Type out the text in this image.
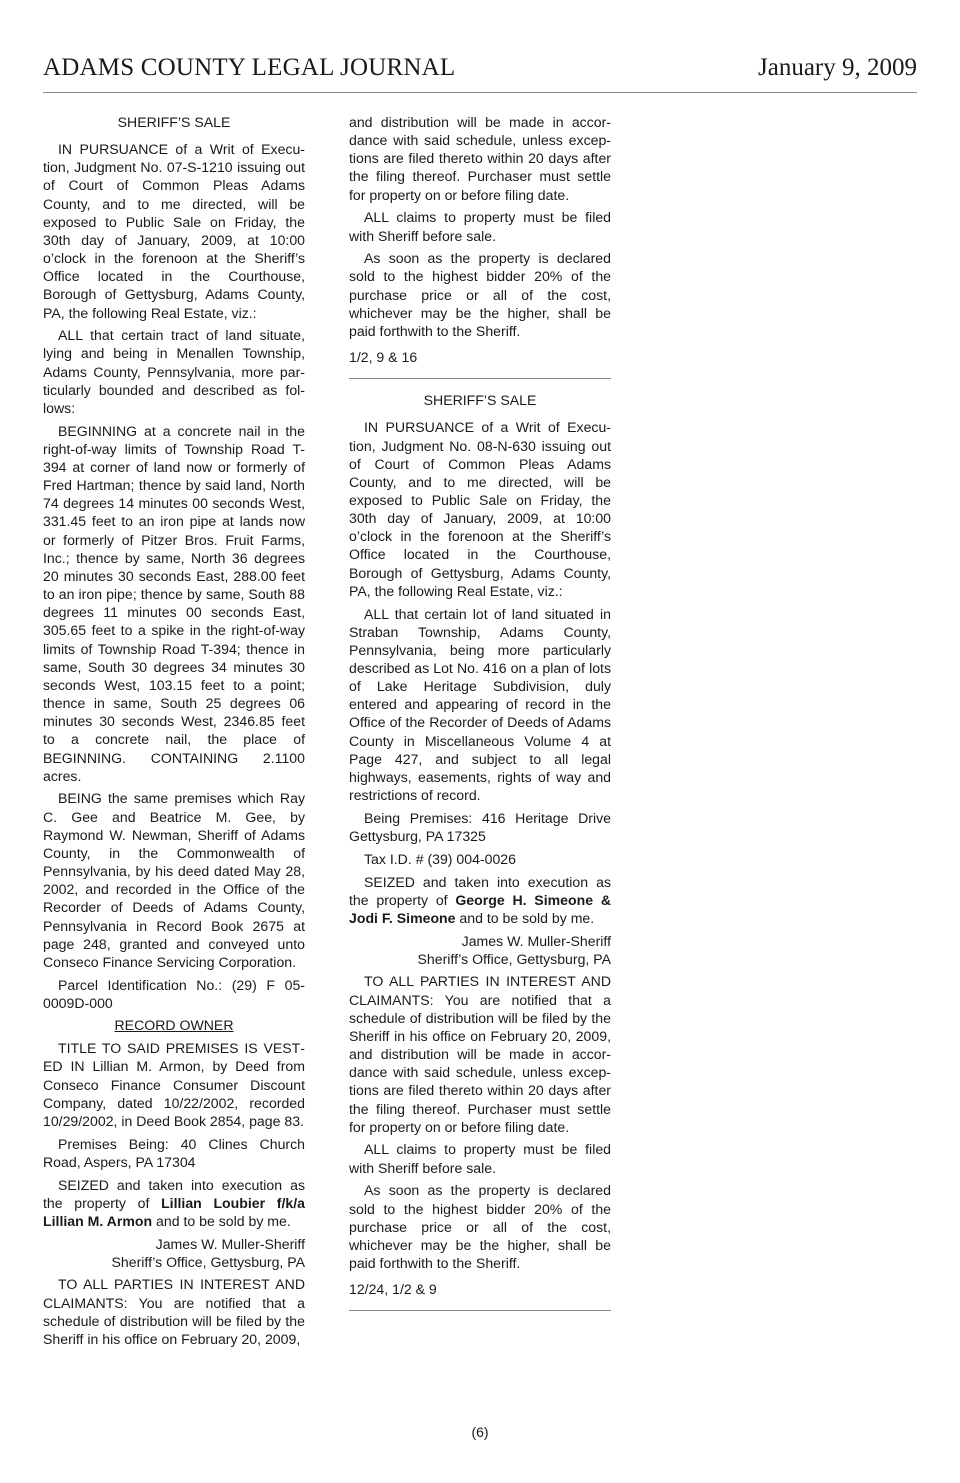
ADAMS COUNTY LEGAL JOURNAL	January 9, 2009
SHERIFF’S SALE

IN PURSUANCE of a Writ of Execution, Judgment No. 07-S-1210 issuing out of Court of Common Pleas Adams County, and to me directed, will be exposed to Public Sale on Friday, the 30th day of January, 2009, at 10:00 o’clock in the forenoon at the Sheriff’s Office located in the Courthouse, Borough of Gettysburg, Adams County, PA, the following Real Estate, viz.:

ALL that certain tract of land situate, lying and being in Menallen Township, Adams County, Pennsylvania, more particularly bounded and described as follows:

BEGINNING at a concrete nail in the right-of-way limits of Township Road T-394 at corner of land now or formerly of Fred Hartman; thence by said land, North 74 degrees 14 minutes 00 seconds West, 331.45 feet to an iron pipe at lands now or formerly of Pitzer Bros. Fruit Farms, Inc.; thence by same, North 36 degrees 20 minutes 30 seconds East, 288.00 feet to an iron pipe; thence by same, South 88 degrees 11 minutes 00 seconds East, 305.65 feet to a spike in the right-of-way limits of Township Road T-394; thence in same, South 30 degrees 34 minutes 30 seconds West, 103.15 feet to a point; thence in same, South 25 degrees 06 minutes 30 seconds West, 2346.85 feet to a concrete nail, the place of BEGINNING. CONTAINING 2.1100 acres.

BEING the same premises which Ray C. Gee and Beatrice M. Gee, by Raymond W. Newman, Sheriff of Adams County, in the Commonwealth of Pennsylvania, by his deed dated May 28, 2002, and recorded in the Office of the Recorder of Deeds of Adams County, Pennsylvania in Record Book 2675 at page 248, granted and conveyed unto Conseco Finance Servicing Corporation.

Parcel Identification No.: (29) F 05-0009D-000

RECORD OWNER

TITLE TO SAID PREMISES IS VESTED IN Lillian M. Armon, by Deed from Conseco Finance Consumer Discount Company, dated 10/22/2002, recorded 10/29/2002, in Deed Book 2854, page 83.

Premises Being: 40 Clines Church Road, Aspers, PA 17304

SEIZED and taken into execution as the property of Lillian Loubier f/k/a Lillian M. Armon and to be sold by me.

James W. Muller-Sheriff

Sheriff’s Office, Gettysburg, PA

TO ALL PARTIES IN INTEREST AND CLAIMANTS: You are notified that a schedule of distribution will be filed by the Sheriff in his office on February 20, 2009,

and distribution will be made in accordance with said schedule, unless exceptions are filed thereto within 20 days after the filing thereof. Purchaser must settle for property on or before filing date.

ALL claims to property must be filed with Sheriff before sale.

As soon as the property is declared sold to the highest bidder 20% of the purchase price or all of the cost, whichever may be the higher, shall be paid forthwith to the Sheriff.

1/2, 9 & 16

SHERIFF’S SALE

IN PURSUANCE of a Writ of Execution, Judgment No. 08-N-630 issuing out of Court of Common Pleas Adams County, and to me directed, will be exposed to Public Sale on Friday, the 30th day of January, 2009, at 10:00 o’clock in the forenoon at the Sheriff’s Office located in the Courthouse, Borough of Gettysburg, Adams County, PA, the following Real Estate, viz.:

ALL that certain lot of land situated in Straban Township, Adams County, Pennsylvania, being more particularly described as Lot No. 416 on a plan of lots of Lake Heritage Subdivision, duly entered and appearing of record in the Office of the Recorder of Deeds of Adams County in Miscellaneous Volume 4 at Page 427, and subject to all legal highways, easements, rights of way and restrictions of record.

Being Premises: 416 Heritage Drive Gettysburg, PA 17325

Tax I.D. # (39) 004-0026

SEIZED and taken into execution as the property of George H. Simeone & Jodi F. Simeone and to be sold by me.

James W. Muller-Sheriff

Sheriff’s Office, Gettysburg, PA

TO ALL PARTIES IN INTEREST AND CLAIMANTS: You are notified that a schedule of distribution will be filed by the Sheriff in his office on February 20, 2009, and distribution will be made in accordance with said schedule, unless exceptions are filed thereto within 20 days after the filing thereof. Purchaser must settle for property on or before filing date.

ALL claims to property must be filed with Sheriff before sale.

As soon as the property is declared sold to the highest bidder 20% of the purchase price or all of the cost, whichever may be the higher, shall be paid forthwith to the Sheriff.

12/24, 1/2 & 9

(6)
